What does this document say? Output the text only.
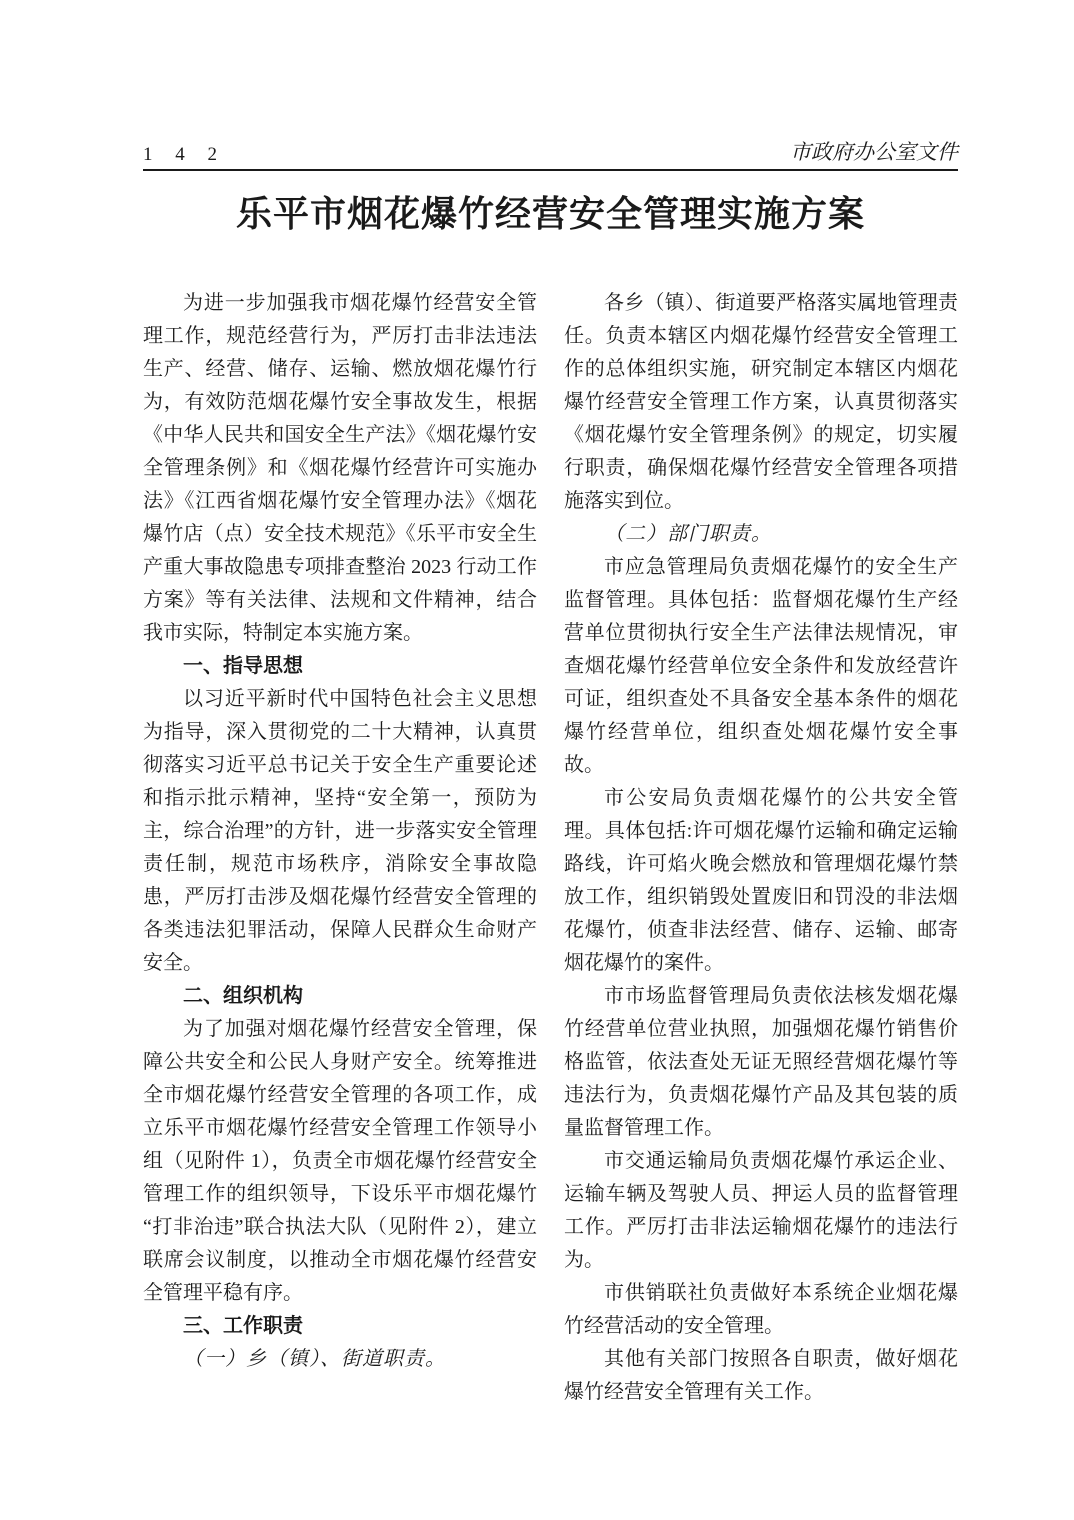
1 4 2	市政府办公室文件
乐平市烟花爆竹经营安全管理实施方案

为进一步加强我市烟花爆竹经营安全管理工作，规范经营行为，严厉打击非法违法生产、经营、储存、运输、燃放烟花爆竹行为，有效防范烟花爆竹安全事故发生，根据《中华人民共和国安全生产法》《烟花爆竹安全管理条例》和《烟花爆竹经营许可实施办法》《江西省烟花爆竹安全管理办法》《烟花爆竹店（点）安全技术规范》《乐平市安全生产重大事故隐患专项排查整治 2023 行动工作方案》等有关法律、法规和文件精神，结合我市实际，特制定本实施方案。

一、指导思想

以习近平新时代中国特色社会主义思想为指导，深入贯彻党的二十大精神，认真贯彻落实习近平总书记关于安全生产重要论述和指示批示精神，坚持“安全第一，预防为主，综合治理”的方针，进一步落实安全管理责任制，规范市场秩序，消除安全事故隐患，严厉打击涉及烟花爆竹经营安全管理的各类违法犯罪活动，保障人民群众生命财产安全。

二、组织机构

为了加强对烟花爆竹经营安全管理，保障公共安全和公民人身财产安全。统筹推进全市烟花爆竹经营安全管理的各项工作，成立乐平市烟花爆竹经营安全管理工作领导小组（见附件 1），负责全市烟花爆竹经营安全管理工作的组织领导，下设乐平市烟花爆竹“打非治违”联合执法大队（见附件 2），建立联席会议制度，以推动全市烟花爆竹经营安全管理平稳有序。

三、工作职责

（一）乡（镇）、街道职责。

各乡（镇）、街道要严格落实属地管理责任。负责本辖区内烟花爆竹经营安全管理工作的总体组织实施，研究制定本辖区内烟花爆竹经营安全管理工作方案，认真贯彻落实《烟花爆竹安全管理条例》的规定，切实履行职责，确保烟花爆竹经营安全管理各项措施落实到位。

（二）部门职责。

市应急管理局负责烟花爆竹的安全生产监督管理。具体包括：监督烟花爆竹生产经营单位贯彻执行安全生产法律法规情况，审查烟花爆竹经营单位安全条件和发放经营许可证，组织查处不具备安全基本条件的烟花爆竹经营单位，组织查处烟花爆竹安全事故。

市公安局负责烟花爆竹的公共安全管理。具体包括:许可烟花爆竹运输和确定运输路线，许可焰火晚会燃放和管理烟花爆竹禁放工作，组织销毁处置废旧和罚没的非法烟花爆竹，侦查非法经营、储存、运输、邮寄烟花爆竹的案件。

市市场监督管理局负责依法核发烟花爆竹经营单位营业执照，加强烟花爆竹销售价格监管，依法查处无证无照经营烟花爆竹等违法行为，负责烟花爆竹产品及其包装的质量监督管理工作。

市交通运输局负责烟花爆竹承运企业、运输车辆及驾驶人员、押运人员的监督管理工作。严厉打击非法运输烟花爆竹的违法行为。

市供销联社负责做好本系统企业烟花爆竹经营活动的安全管理。

其他有关部门按照各自职责，做好烟花爆竹经营安全管理有关工作。
